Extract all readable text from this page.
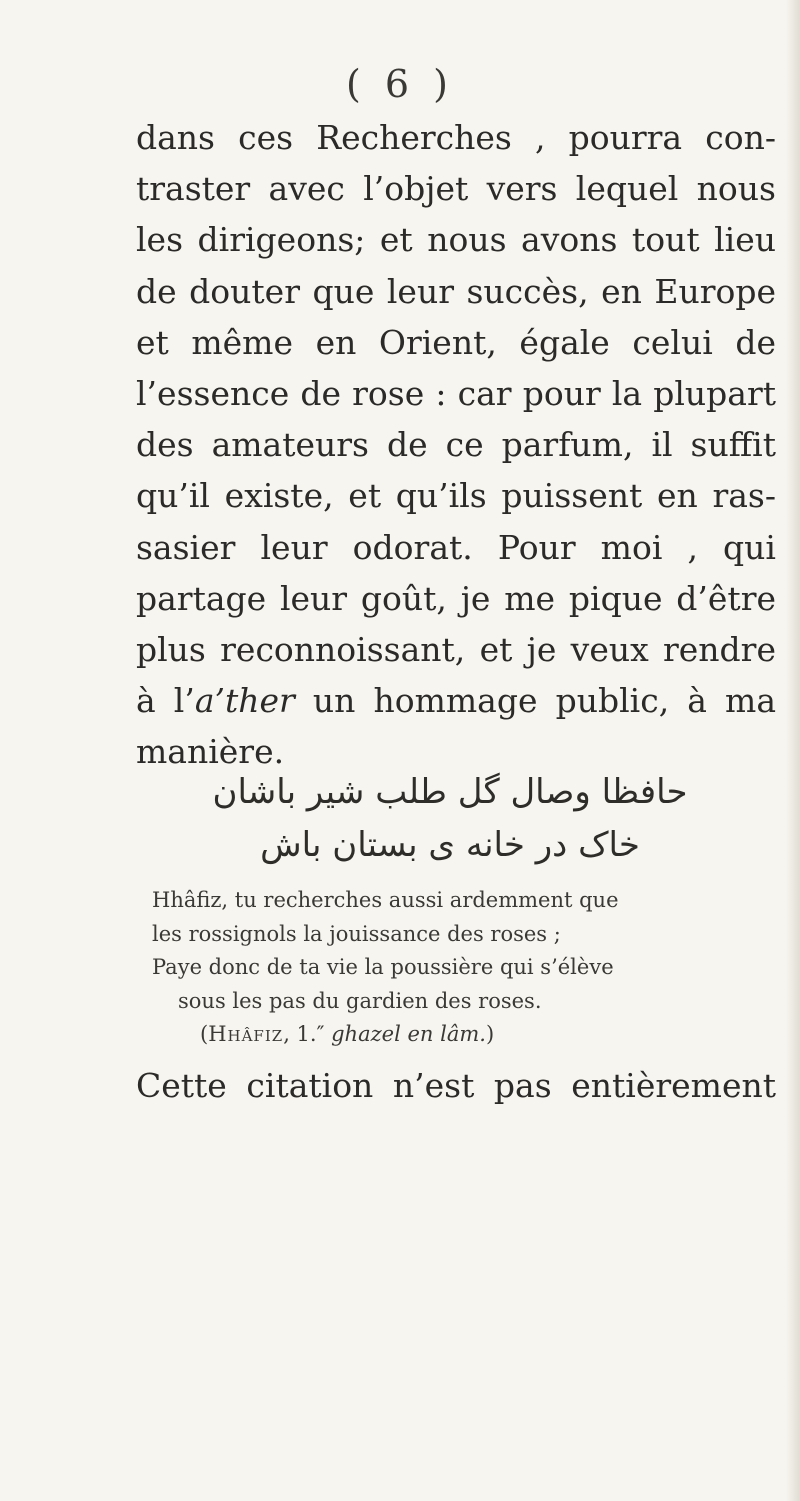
( 6 )
dans ces Recherches , pourra con-
traster avec l’objet vers lequel nous
les dirigeons; et nous avons tout lieu
de douter que leur succès, en Europe
et même en Orient, égale celui de
l’essence de rose : car pour la plupart
des amateurs de ce parfum, il suffit
qu’il existe, et qu’ils puissent en ras-
sasier leur odorat. Pour moi , qui
partage leur goût, je me pique d’être
plus reconnoissant, et je veux rendre
à l’a’ther un hommage public, à ma
manière.
حافظا وصال گل طلب شیر باشان
خاک در خانه ی بستان باش
Hhâfiz, tu recherches aussi ardemment que
les rossignols la jouissance des roses ;
Paye donc de ta vie la poussière qui s’élève
sous les pas du gardien des roses.
(Hhâfiz, 1.″ ghazel en lâm.)
Cette citation n’est pas entièrement
